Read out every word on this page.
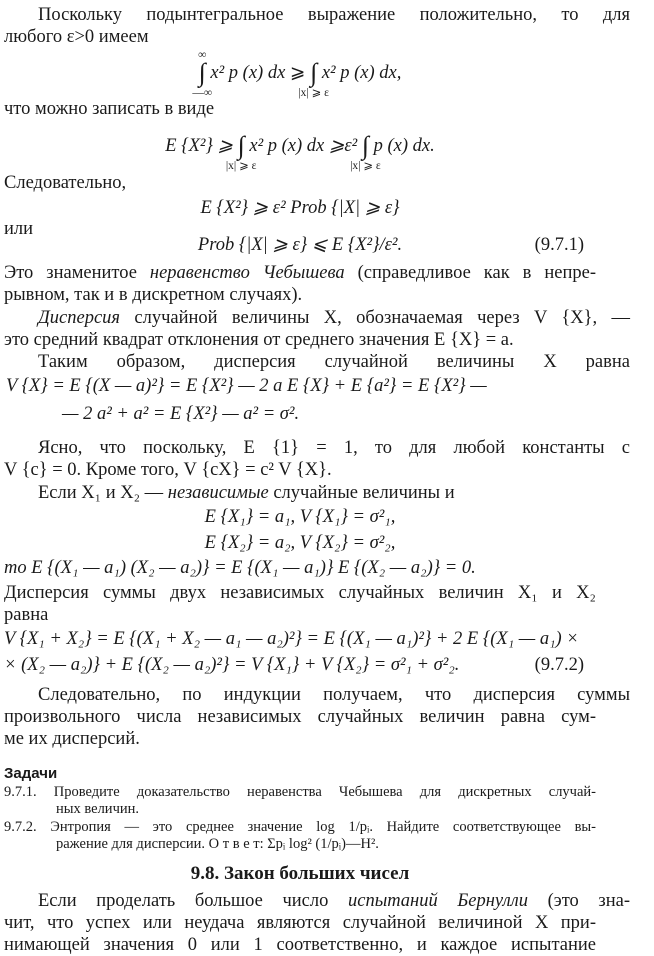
Поскольку подынтегральное выражение положительно, то для
любого ε>0 имеем
∞
∫
—∞
x² p (x) dx ⩾ ∫
|x| ⩾ ε
x² p (x) dx,
что можно записать в виде
E {X²} ⩾ ∫
|x| ⩾ ε
x² p (x) dx ⩾ε² ∫
|x| ⩾ ε
p (x) dx.
Следовательно,
E {X²} ⩾ ε² Prob {|X| ⩾ ε}
или
Prob {|X| ⩾ ε} ⩽ E {X²}/ε².	(9.7.1)
Это знаменитое неравенство Чебышева (справедливое как в непре-
рывном, так и в дискретном случаях).
Дисперсия случайной величины X, обозначаемая через V {X}, —
это средний квадрат отклонения от среднего значения E {X} = a.
Таким образом, дисперсия случайной величины X равна
V {X} = E {(X — a)²} = E {X²} — 2 a E {X} + E {a²} = E {X²} —
— 2 a² + a² = E {X²} — a² = σ².
Ясно, что поскольку, E {1} = 1, то для любой константы c
V {c} = 0. Кроме того, V {cX} = c² V {X}.
Если X₁ и X₂ — независимые случайные величины и
E {X₁} = a₁, V {X₁} = σ²₁,
E {X₂} = a₂, V {X₂} = σ²₂,
то E {(X₁ — a₁) (X₂ — a₂)} = E {(X₁ — a₁)} E {(X₂ — a₂)} = 0.
Дисперсия суммы двух независимых случайных величин X₁ и X₂
равна
V {X₁ + X₂} = E {(X₁ + X₂ — a₁ — a₂)²} = E {(X₁ — a₁)²} + 2 E {(X₁ — a₁) ×
× (X₂ — a₂)} + E {(X₂ — a₂)²} = V {X₁} + V {X₂} = σ²₁ + σ²₂.	(9.7.2)
Следовательно, по индукции получаем, что дисперсия суммы
произвольного числа независимых случайных величин равна сум-
ме их дисперсий.
Задачи
9.7.1. Проведите доказательство неравенства Чебышева для дискретных случай-
ных величин.
9.7.2. Энтропия — это среднее значение log 1/pᵢ. Найдите соответствующее вы-
ражение для дисперсии. О т в е т: Σpᵢ log² (1/pᵢ)—H².
9.8. Закон больших чисел
Если проделать большое число испытаний Бернулли (это зна-
чит, что успех или неудача являются случайной величиной X при-
нимающей значения 0 или 1 соответственно, и каждое испытание
